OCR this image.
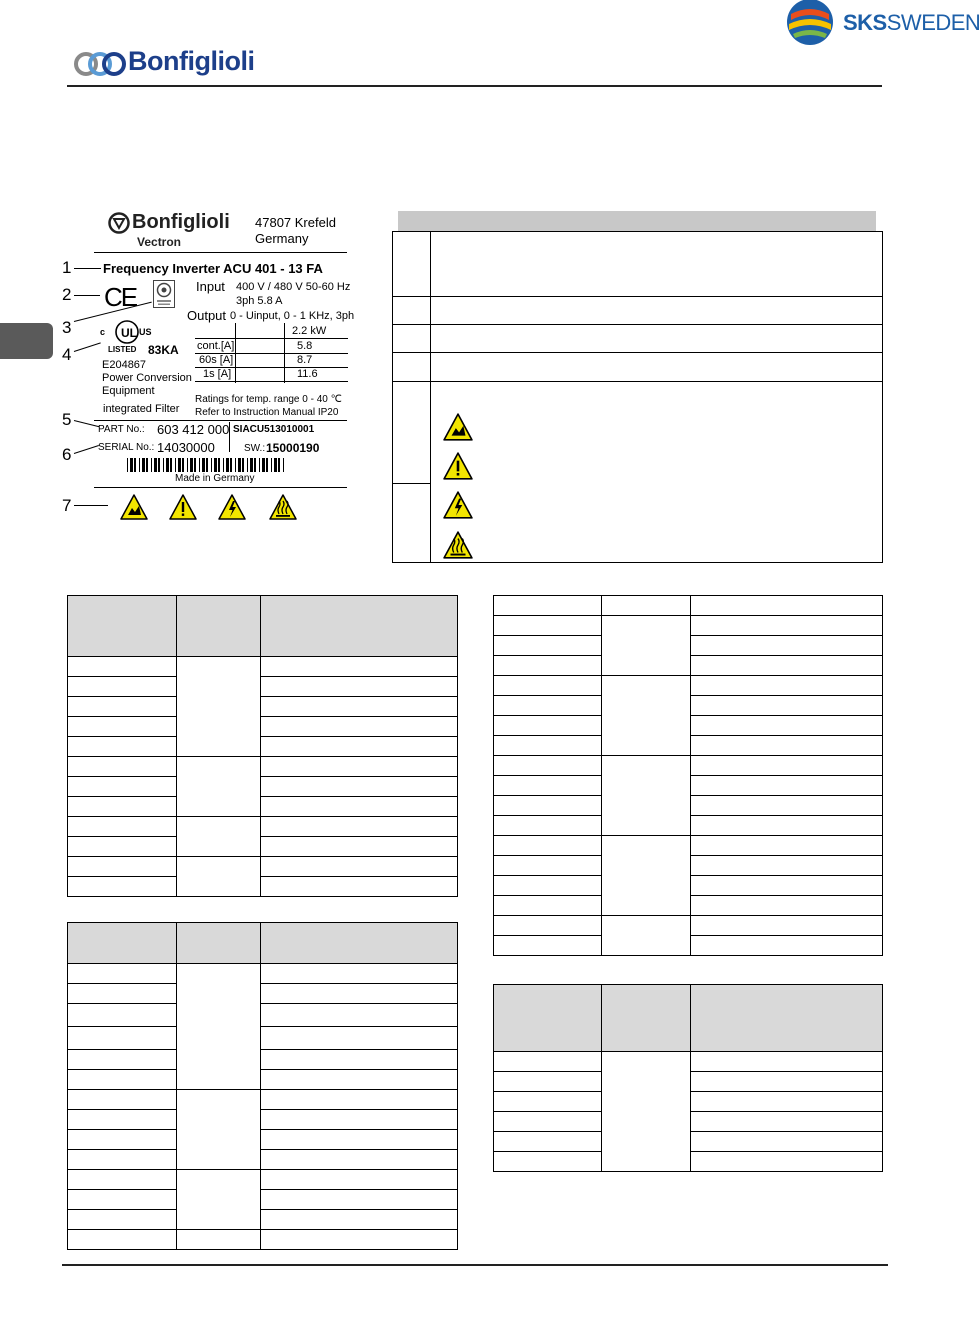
Bonfiglioli
SKSSWEDEN
Bonfiglioli
Vectron
47807 Krefeld
Germany
1
2
3
4
5
6
7
Frequency Inverter ACU 401 - 13 FA
CE	Input 400 V / 480 V 50-60 Hz
3ph 5.8 A
Output 0 - Uinput, 0 - 1 KHz, 3ph
UL
c	US
LISTED 83KA
E204867
Power Conversion
Equipment
integrated Filter
2.2 kW
cont.[A]	5.8
60s [A]	8.7
1s [A]	11.6
Ratings for temp. range 0 - 40 ℃
Refer to Instruction Manual IP20
PART No.: 603 412 000 SIACU513010001
SERIAL No.: 14030000	SW.: 15000190
Made in Germany
